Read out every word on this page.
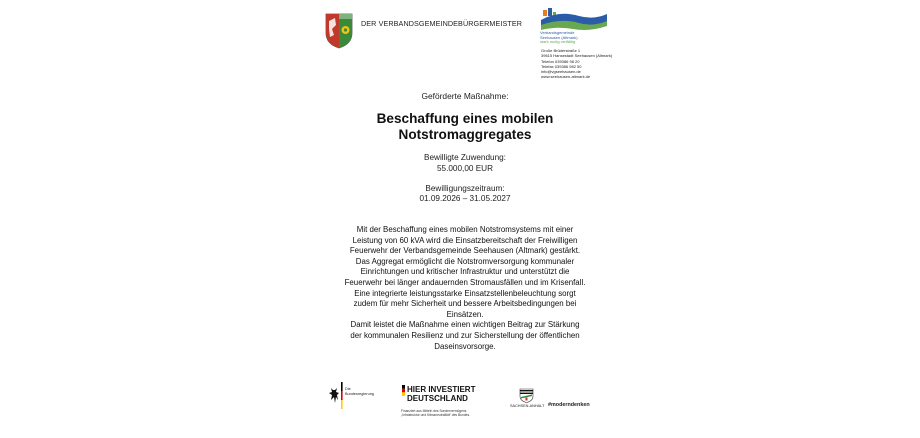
DER VERBANDSGEMEINDEBÜRGERMEISTER
Verbandsgemeinde
Seehausen (Altmark)
stark mutig vielfältig
Große Brüderstraße 1
39615 Hansestadt Seehausen (Altmark)
Telefon 039386 98 20
Telefax 039386 982 50
info@vgseehausen.de
www.seehausen-altmark.de
Geförderte Maßnahme:
Beschaffung eines mobilen
Notstromaggregates
Bewilligte Zuwendung:
55.000,00 EUR
Bewilligungszeitraum:
01.09.2026 – 31.05.2027
Mit der Beschaffung eines mobilen Notstromsystems mit einer
Leistung von 60 kVA wird die Einsatzbereitschaft der Freiwilligen
Feuerwehr der Verbandsgemeinde Seehausen (Altmark) gestärkt.
Das Aggregat ermöglicht die Notstromversorgung kommunaler
Einrichtungen und kritischer Infrastruktur und unterstützt die
Feuerwehr bei länger andauernden Stromausfällen und im Krisenfall.
Eine integrierte leistungsstarke Einsatzstellenbeleuchtung sorgt
zudem für mehr Sicherheit und bessere Arbeitsbedingungen bei
Einsätzen.
Damit leistet die Maßnahme einen wichtigen Beitrag zur Stärkung
der kommunalen Resilienz und zur Sicherstellung der öffentlichen
Daseinsvorsorge.
Die
Bundesregierung	HIER INVESTIERT
DEUTSCHLAND
Finanziert aus Mitteln des Sondervermögens
„Infrastruktur und Klimaneutralität“ des Bundes.
SACHSEN-ANHALT #moderndenken
